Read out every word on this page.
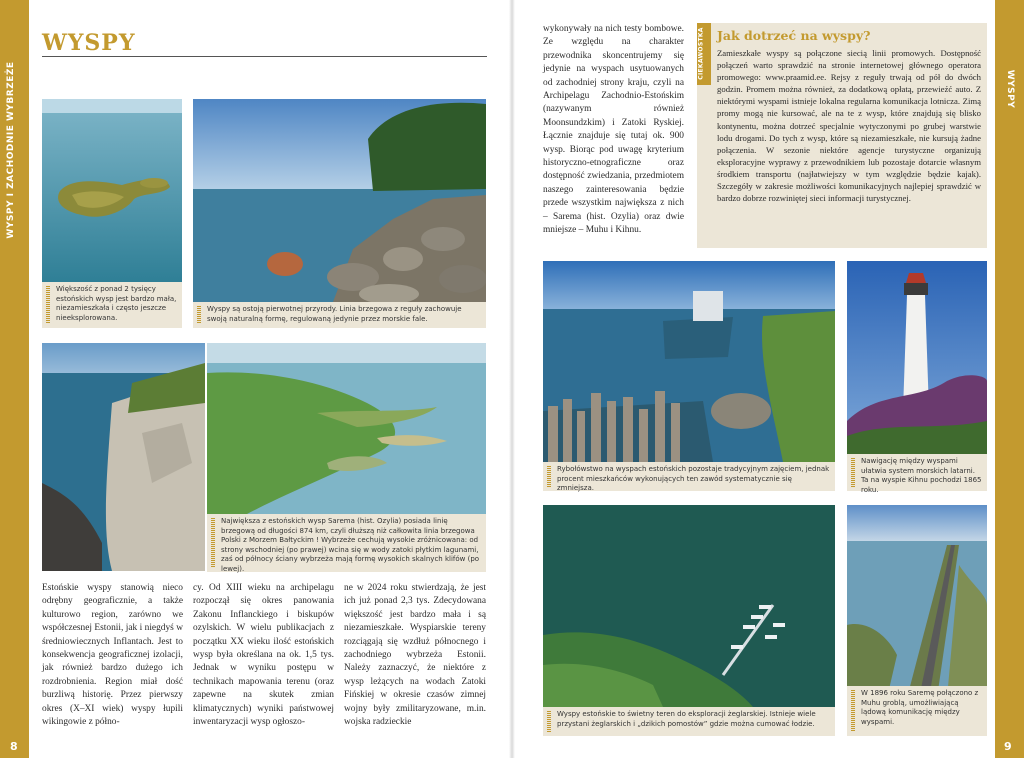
WYSPY I ZACHODNIE WYBRZEŻE
8
WYSPY
9
WYSPY
Większość z ponad 2 tysięcy estońskich wysp jest bardzo mała, niezamieszkała i często jeszcze nieeksplorowana.
Wyspy są ostoją pierwotnej przyrody. Linia brzegowa z reguły zachowuje swoją naturalną formę, regulowaną jedynie przez morskie fale.
Największa z estońskich wysp Sarema (hist. Ozylia) posiada linię brzegową od długości 874 km, czyli dłuższą niż całkowita linia brzegowa Polski z Morzem Bałtyckim ! Wybrzeże cechują wysokie zróżnicowana: od strony wschodniej (po prawej) wcina się w wody zatoki płytkim lagunami, zaś od północy ściany wybrzeża mają formę wysokich skalnych klifów (po lewej).
Estońskie wyspy stanowią nieco odrębny geograficznie, a także kulturowo region, zarówno we współczesnej Estonii, jak i niegdyś w średniowiecznych Inflantach. Jest to konsekwencja geograficznej izolacji, jak również bardzo dużego ich rozdrobnienia. Region miał dość burzliwą historię. Przez pierwszy okres (X–XI wiek) wyspy łupili wikingowie z półno-
cy. Od XIII wieku na archipelagu rozpoczął się okres panowania Zakonu Inflanckiego i biskupów ozylskich. W wielu publikacjach z początku XX wieku ilość estońskich wysp była określana na ok. 1,5 tys. Jednak w wyniku postępu w technikach mapowania terenu (oraz zapewne na skutek zmian klimatycznych) wyniki państwowej inwentaryzacji wysp ogłoszo-
ne w 2024 roku stwierdzają, że jest ich już ponad 2,3 tys. Zdecydowana większość jest bardzo mała i są niezamieszkałe. Wyspiarskie tereny rozciągają się wzdłuż północnego i zachodniego wybrzeża Estonii. Należy zaznaczyć, że niektóre z wysp leżących na wodach Zatoki Fińskiej w okresie czasów zimnej wojny były zmilitaryzowane, m.in. wojska radzieckie
wykonywały na nich testy bombowe. Ze względu na charakter przewodnika skoncentrujemy się jedynie na wyspach usytuowanych od zachodniej strony kraju, czyli na Archipelagu Zachodnio-Estońskim (nazywanym również Moonsundzkim) i Zatoki Ryskiej. Łącznie znajduje się tutaj ok. 900 wysp. Biorąc pod uwagę kryterium historyczno-etnograficzne oraz dostępność zwiedzania, przedmiotem naszego zainteresowania będzie przede wszystkim największa z nich – Sarema (hist. Ozylia) oraz dwie mniejsze – Muhu i Kihnu.
CIEKAWOSTKA Jak dotrzeć na wyspy?
Zamieszkałe wyspy są połączone siecią linii promowych. Dostępność połączeń warto sprawdzić na stronie internetowej głównego operatora promowego: www.praamid.ee. Rejsy z reguły trwają od pół do dwóch godzin. Promem można również, za dodatkową opłatą, przewieźć auto. Z niektórymi wyspami istnieje lokalna regularna komunikacja lotnicza. Zimą promy mogą nie kursować, ale na te z wysp, które znajdują się blisko kontynentu, można dotrzeć specjalnie wytyczonymi po grubej warstwie lodu drogami. Do tych z wysp, które są niezamieszkałe, nie kursują żadne połączenia. W sezonie niektóre agencje turystyczne organizują eksploracyjne wyprawy z przewodnikiem lub pozostaje dotarcie własnym środkiem transportu (najłatwiejszy w tym względzie będzie kajak). Szczegóły w zakresie możliwości komunikacyjnych najlepiej sprawdzić w bardzo dobrze rozwiniętej sieci informacji turystycznej.
Rybołówstwo na wyspach estońskich pozostaje tradycyjnym zajęciem, jednak procent mieszkańców wykonujących ten zawód systematycznie się zmniejsza.
Nawigację między wyspami ułatwia system morskich latarni. Ta na wyspie Kihnu pochodzi 1865 roku.
Wyspy estońskie to świetny teren do eksploracji żeglarskiej. Istnieje wiele przystani żeglarskich i „dzikich pomostów” gdzie można cumować łodzie.
W 1896 roku Saremę połączono z Muhu groblą, umożliwiającą lądową komunikację między wyspami.
